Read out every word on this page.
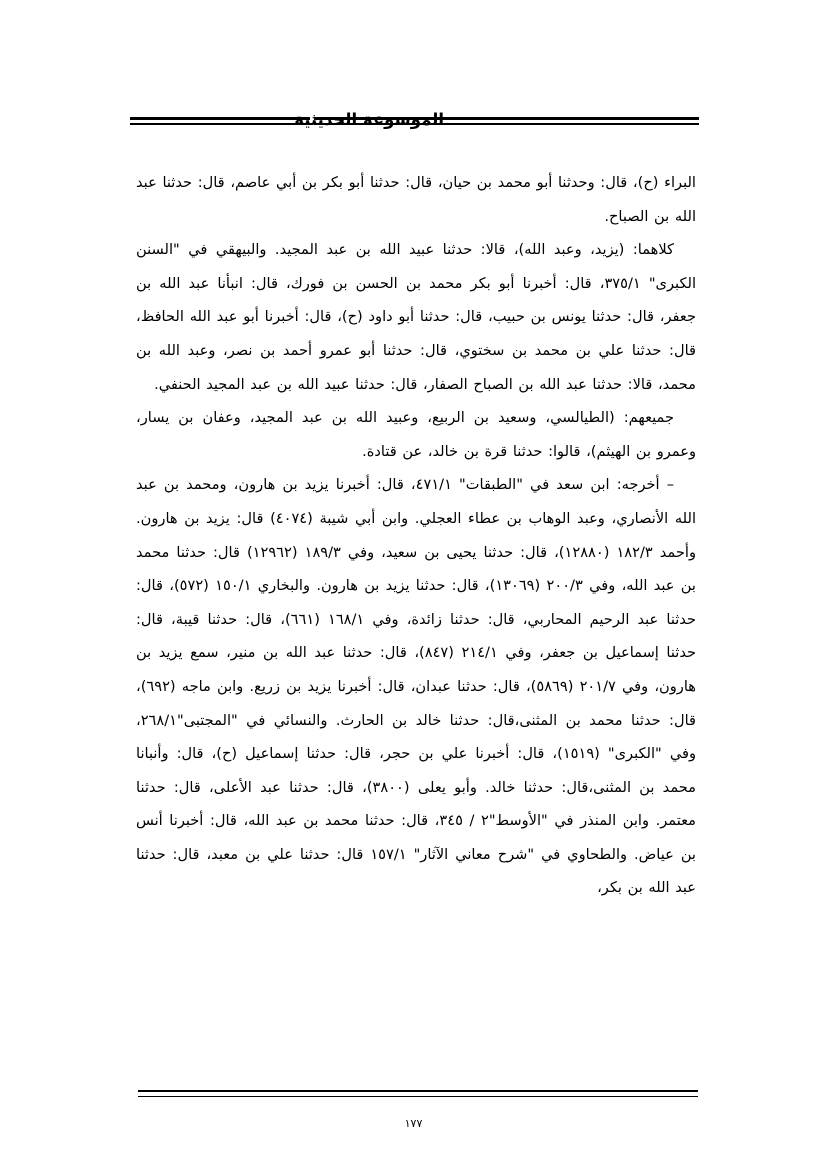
الموسوعة الحديثية

البراء (ح)، قال: وحدثنا أبو محمد بن حيان، قال: حدثنا أبو بكر بن أبي عاصم، قال: حدثنا عبد الله بن الصباح.

كلاهما: (يزيد، وعبد الله)، قالا: حدثنا عبيد الله بن عبد المجيد. والبيهقي في "السنن الكبرى" ٣٧٥/١، قال: أخبرنا أبو بكر محمد بن الحسن بن فورك، قال: انبأنا عبد الله بن جعفر، قال: حدثنا يونس بن حبيب، قال: حدثنا أبو داود (ح)، قال: أخبرنا أبو عبد الله الحافظ، قال: حدثنا علي بن محمد بن سختوي، قال: حدثنا أبو عمرو أحمد بن نصر، وعبد الله بن محمد، قالا: حدثنا عبد الله بن الصباح الصفار، قال: حدثنا عبيد الله بن عبد المجيد الحنفي.

جميعهم: (الطيالسي، وسعيد بن الربيع، وعبيد الله بن عبد المجيد، وعفان بن يسار، وعمرو بن الهيثم)، قالوا: حدثنا قرة بن خالد، عن قتادة.

– أخرجه: ابن سعد في "الطبقات" ٤٧١/١، قال: أخبرنا يزيد بن هارون، ومحمد بن عبد الله الأنصاري، وعبد الوهاب بن عطاء العجلي. وابن أبي شيبة (٤٠٧٤) قال: يزيد بن هارون. وأحمد ١٨٢/٣ (١٢٨٨٠)، قال: حدثنا يحيى بن سعيد، وفي ١٨٩/٣ (١٢٩٦٢) قال: حدثنا محمد بن عبد الله، وفي ٢٠٠/٣ (١٣٠٦٩)، قال: حدثنا يزيد بن هارون. والبخاري ١٥٠/١ (٥٧٢)، قال: حدثنا عبد الرحيم المحاربي، قال: حدثنا زائدة، وفي ١٦٨/١ (٦٦١)، قال: حدثنا قيبة، قال: حدثنا إسماعيل بن جعفر، وفي ٢١٤/١ (٨٤٧)، قال: حدثنا عبد الله بن منير، سمع يزيد بن هارون، وفي ٢٠١/٧ (٥٨٦٩)، قال: حدثنا عبدان، قال: أخبرنا يزيد بن زريع. وابن ماجه (٦٩٢)، قال: حدثنا محمد بن المثنى،قال: حدثنا خالد بن الحارث. والنسائي في "المجتبى"٢٦٨/١، وفي "الكبرى" (١٥١٩)، قال: أخبرنا علي بن حجر، قال: حدثنا إسماعيل (ح)، قال: وأنبانا محمد بن المثنى،قال: حدثنا خالد. وأبو يعلى (٣٨٠٠)، قال: حدثنا عبد الأعلى، قال: حدثنا معتمر. وابن المنذر في "الأوسط"٢ / ٣٤٥، قال: حدثنا محمد بن عبد الله، قال: أخبرنا أنس بن عياض. والطحاوي في "شرح معاني الآثار" ١٥٧/١ قال: حدثنا علي بن معبد، قال: حدثنا عبد الله بن بكر،

١٧٧
